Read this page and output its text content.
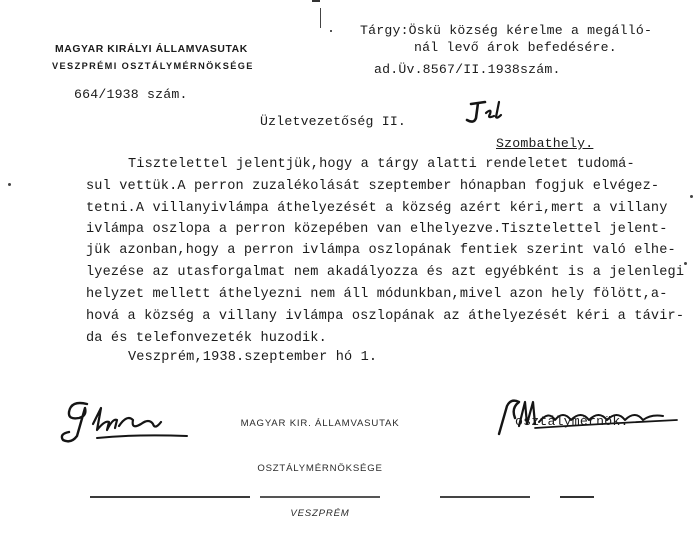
MAGYAR KIRÁLYI ÁLLAMVASUTAK
VESZPRÉMI OSZTÁLYMÉRNÖKSÉGE
664/1938 szám.
Tárgy:Öskü község kérelme a megálló-
nál levő árok befedésére.
ad.Üv.8567/II.1938szám.

Üzletvezetőség II.
Szombathely.
Tisztelettel jelentjük,hogy a tárgy alatti rendeletet tudomá-
sul vettük.A perron zuzalékolását szeptember hónapban fogjuk elvégez-
tetni.A villanyivlámpa áthelyezését a község azért kéri,mert a villany
ivlámpa oszlopa a perron közepében van elhelyezve.Tisztelettel jelent-
jük azonban,hogy a perron ivlámpa oszlopának fentiek szerint való elhe-
lyezése az utasforgalmat nem akadályozza és azt egyébként is a jelenlegi
helyzet mellett áthelyezni nem áll módunkban,mivel azon hely fölött,a-
hová a község a villany ivlámpa oszlopának az áthelyezését kéri a távir-
da és telefonvezeték huzodik.
Veszprém,1938.szeptember hó 1.

MAGYAR KIR. ÁLLAMVASUTAK

OSZTÁLYMÉRNÖKSÉGE

VESZPRÉM

osztálymérnök.
